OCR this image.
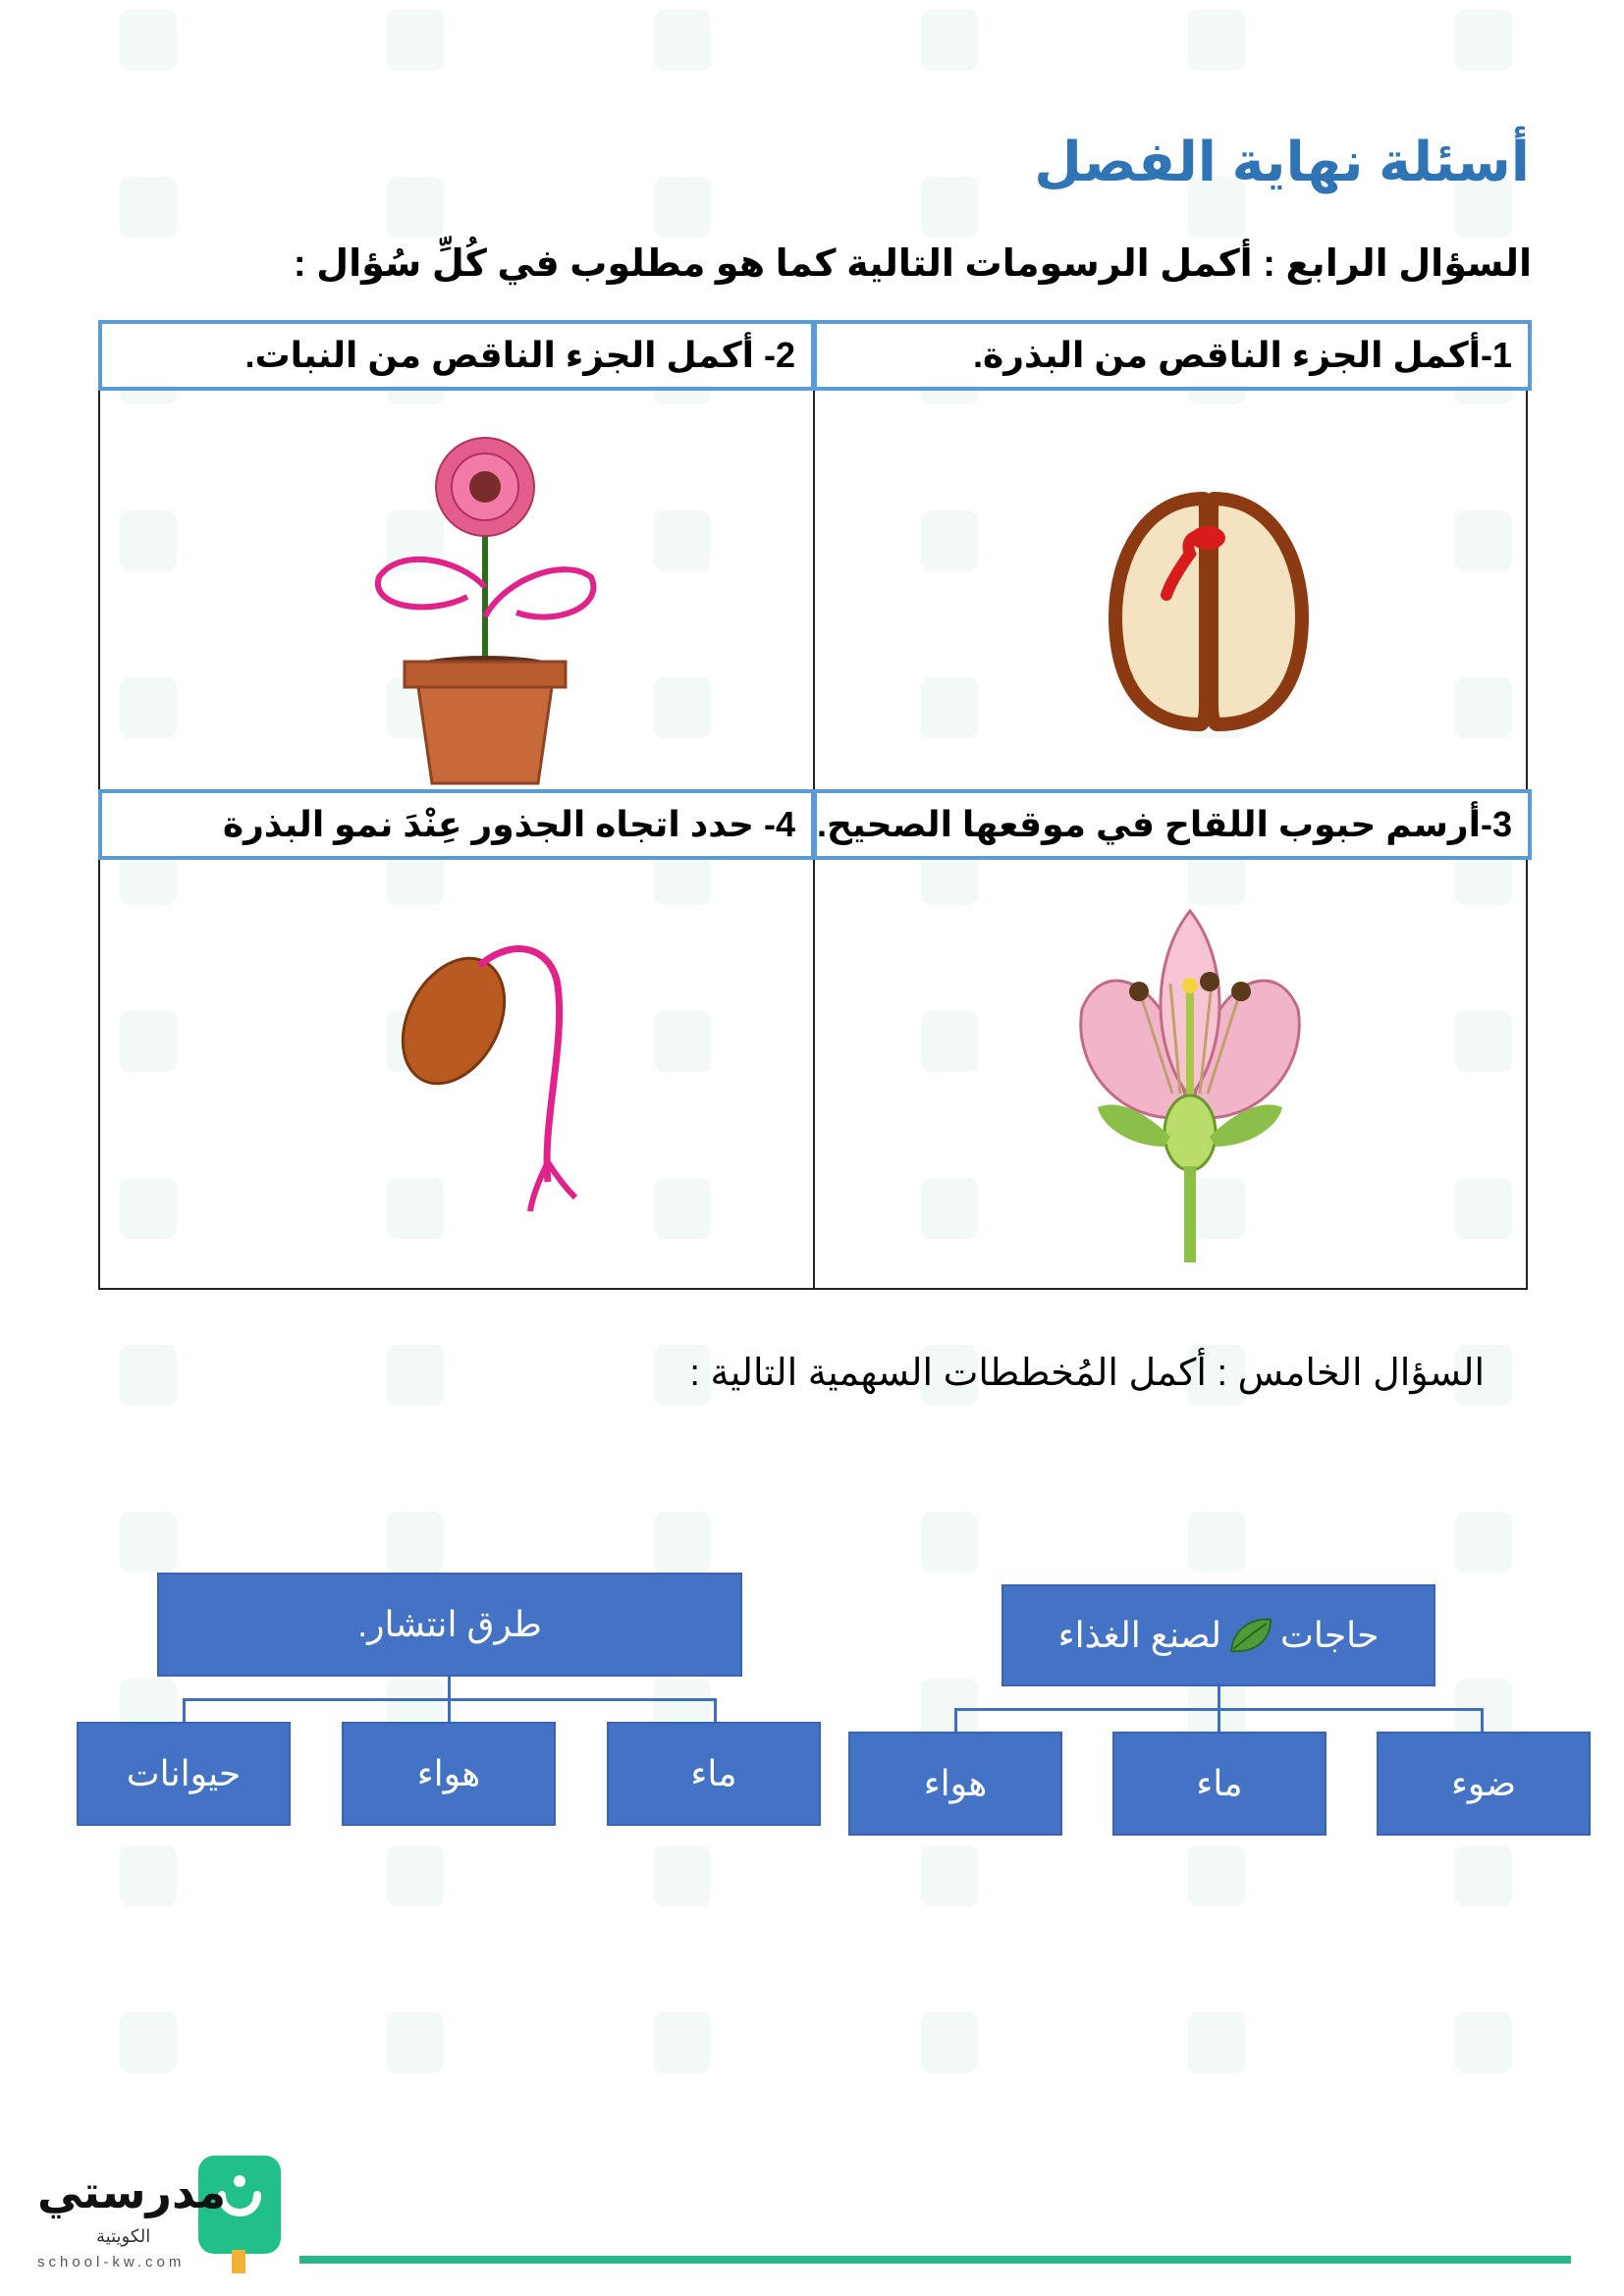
أسئلة نهاية الفصل
السؤال الرابع : أكمل الرسومات التالية كما هو مطلوب في كُلِّ سُؤال :
1-أكمل الجزء الناقص من البذرة.
2- أكمل الجزء الناقص من النبات.
3-أرسم حبوب اللقاح في موقعها الصحيح.
4- حدد اتجاه الجذور عِنْدَ نمو البذرة
السؤال الخامس : أكمل المُخططات السهمية التالية :
حاجات
لصنع الغذاء
هواء	ماء	ضوء
طرق انتشار.
حيوانات	هواء	ماء
مدرستي
الكويتية
school-kw.com
